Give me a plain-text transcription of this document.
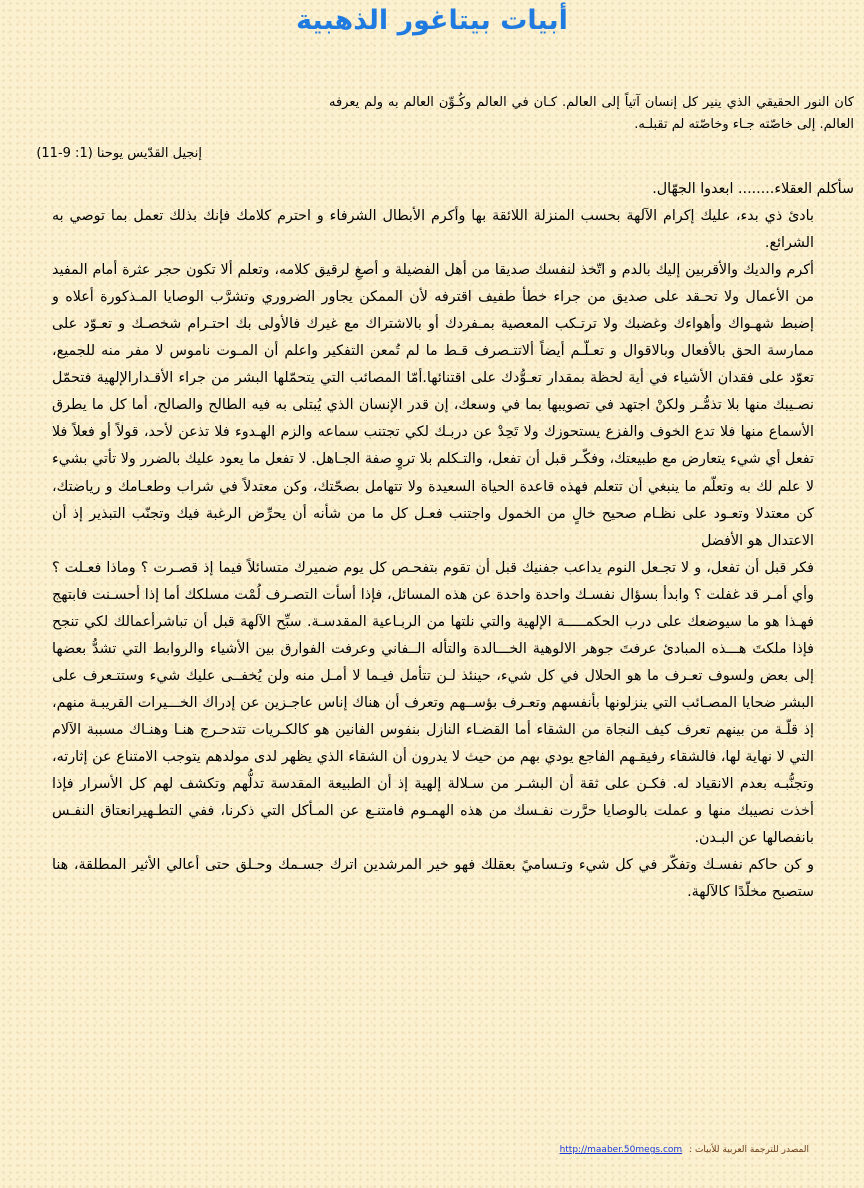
أبيات بيتاغور الذهبية

كان النور الحقيقي الذي ينير كل إنسان آتياً إلى العالم. كـان في العالم وكُـوِّن العالم به ولم يعرفه العالم. إلى خاصّته جـاء وخاصّته لم تقبلـه.

إنجيل القدّيس يوحنا (1: 9-11)

سأكلم العقلاء........ ابعدوا الجهّال.

بادئ ذي بدء، عليك إكرام الآلهة بحسب المنزلة اللائقة بها وأكرم الأبطال الشرفاء و احترم كلامك فإنك بذلك تعمل بما توصي به الشرائع.

أكرم والديك والأقربين إليك بالدم و اتّخذ لنفسك صديقا من أهل الفضيلة و أصغِ لرقيق كلامه، وتعلم ألا تكون حجر عثرة أمام المفيد من الأعمال ولا تحـقد على صديق من جراء خطأ طفيف اقترفه لأن الممكن يجاور الضروري وتشرَّب الوصايا المـذكورة أعلاه و إضبط شهـواك وأهواءك وغضبك ولا ترتـكب المعصية بمـفردك أو بالاشتراك مع غيرك فالأولى بك احتـرام شخصـك و تعـوّد على ممارسة الحق بالأفعال وبالاقوال و تعـلّـم أيضاً ألاتتـصرف قـط ما لم تُمعن التفكير واعلم أن المـوت ناموس لا مفر منه للجميع، تعوّد على فقدان الأشياء في أية لحظة بمقدار تعـوُّدك على اقتنائها.أمّا المصائب التي يتحمّلها البشر من جراء الأقـدارالإلهية فتحمّل نصـيبك منها بلا تذمُّـر ولكنْ اجتهد في تصويبها بما في وسعك، إن قدر الإنسان الذي يُبتلى به فيه الطالح والصالح، أما كل ما يطرق الأسماع منها فلا تدع الخوف والفزع يستحوزك ولا تَحِدْ عن دربـك لكي تجتنب سماعه والزم الهـدوء فلا تذعن لأحد، قولاً أو فعلاً فلا تفعل أي شيء يتعارض مع طبيعتك، وفكّـر قبل أن تفعل، والتـكلم بلا تروٍ صفة الجـاهل. لا تفعل ما يعود عليك بالضرر ولا تأتي بشيء لا علم لك به وتعلّم ما ينبغي أن تتعلم فهذه قاعدة الحياة السعيدة ولا تتهامل بصحّتك، وكن معتدلاً في شراب وطعـامك و رياضتك، كن معتدلا وتعـود على نظـام صحيح خالٍ من الخمول واجتنب فعـل كل ما من شأنه أن يحرِّض الرغبة فيك وتجنّب التبذير إذ أن الاعتدال هو الأفضل

فكر قبل أن تفعل، و لا تجـعل النوم يداعب جفنيك قبل أن تقوم بتفحـص كل يوم ضميرك متسائلاً فيما إذ قصـرت ؟ وماذا فعـلت ؟ وأي أمـر قد غفلت ؟ وابدأ بسؤال نفسـك واحدة واحدة عن هذه المسائل، فإذا أسأت التصـرف لُمْت مسلكك أما إذا أحسـنت فابتهج فهـذا هو ما سيوضعك على درب الحكمـــــة الإلهية والتي نلتها من الربـاعية المقدسـة. سبِّح الآلهة قبل أن تباشرأعمالك لكي تنجح فإذا ملكتَ هـــذه المبادئ عرفتَ جوهر الالوهية الخـــالدة والتأله الــفاني وعرفت الفوارق بين الأشياء والروابط التي تشدُّ بعضها إلى بعض ولسوف تعـرف ما هو الحلال في كل شيء، حينئذ لـن تتأمل فيـما لا أمـل منه ولن يُخفــى عليك شيء وستتـعرف على البشر ضحايا المصـائب التي ينزلونها بأنفسهم وتعـرف بؤســهم وتعرف أن هناك إناس عاجـزين عن إدراك الخـــيرات القريبـة منهم، إذ قلّـة من بينهم تعرف كيف النجاة من الشقاء أما القضـاء النازل بنفوس الفانين هو كالكـريات تتدحـرج هنـا وهنـاك مسببة الآلام التي لا نهاية لها، فالشقاء رفيقـهم الفاجع يودي بهم من حيث لا يدرون أن الشقاء الذي يظهر لدى مولدهم يتوجب الامتناع عن إثارته، وتجنُّبـه بعدم الانقياد له. فكـن على ثقة أن البشـر من سـلالة إلهية إذ أن الطبيعة المقدسة تدلُّهم وتكشف لهم كل الأسرار فإذا أخذت نصيبك منها و عملت بالوصايا حرَّرت نفـسك من هذه الهمـوم فامتنـع عن المـأكل التي ذكرنا، ففي التطـهيرانعتاق النفـس بانفصالها عن البـدن.

و كن حاكم نفسـك وتفكّر في كل شيء وتـساميً بعقلك فهو خير المرشدين اترك جسـمك وحـلق حتى أعالي الأثير المطلقة، هنا ستصبح مخلّدًا كالآلهة.

المصدر للترجمة العربية للأبيات : http://maaber.50megs.com
